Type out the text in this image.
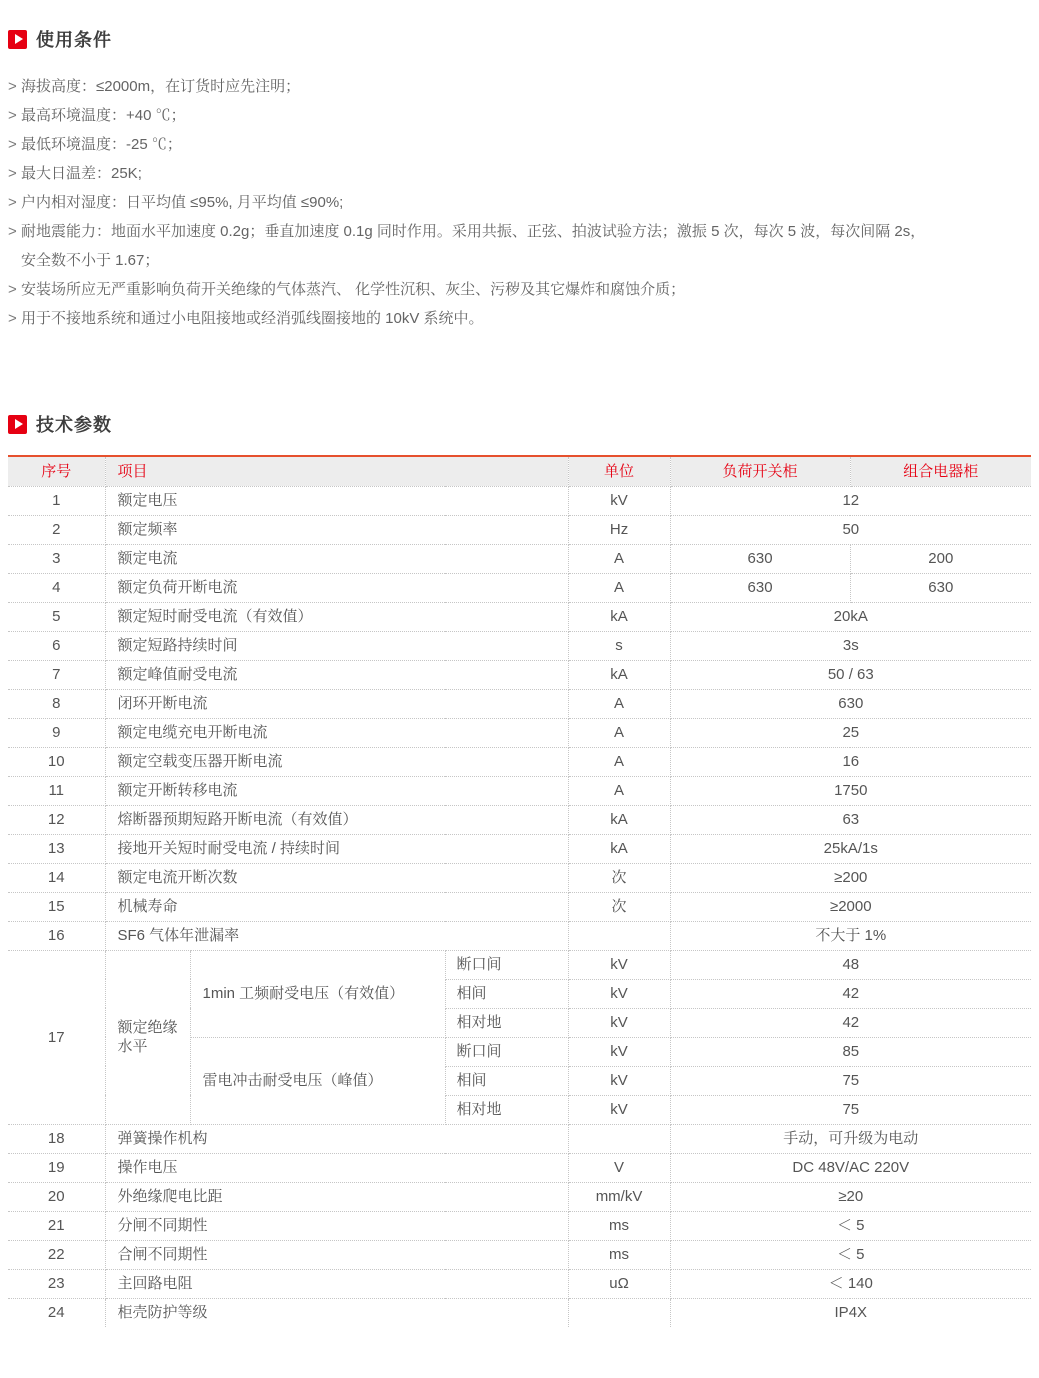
使用条件
> 海拔高度：≤2000m，在订货时应先注明；
> 最高环境温度：+40 ℃；
> 最低环境温度：-25 ℃；
> 最大日温差：25K;
> 户内相对湿度：日平均值 ≤95%, 月平均值 ≤90%;
> 耐地震能力：地面水平加速度 0.2g；垂直加速度 0.1g 同时作用。采用共振、正弦、拍波试验方法；激振 5 次，每次 5 波，每次间隔 2s，
安全数不小于 1.67；
> 安装场所应无严重影响负荷开关绝缘的气体蒸汽、 化学性沉积、灰尘、污秽及其它爆炸和腐蚀介质；
> 用于不接地系统和通过小电阻接地或经消弧线圈接地的 10kV 系统中。
技术参数
序号	项目			单位	负荷开关柜	组合电器柜
1	额定电压			kV	12	
2	额定频率			Hz	50	
3	额定电流			A	630	200
4	额定负荷开断电流			A	630	630
5	额定短时耐受电流（有效值）			kA	20kA	
6	额定短路持续时间			s	3s	
7	额定峰值耐受电流			kA	50 / 63	
8	闭环开断电流			A	630	
9	额定电缆充电开断电流			A	25	
10	额定空载变压器开断电流			A	16	
11	额定开断转移电流			A	1750	
12	熔断器预期短路开断电流（有效值）			kA	63	
13	接地开关短时耐受电流 / 持续时间			kA	25kA/1s	
14	额定电流开断次数			次	≥200	
15	机械寿命			次	≥2000	
16	SF6 气体年泄漏率				不大于 1%	
17	额定绝缘水平	1min 工频耐受电压（有效值）	断口间	kV	48	
			相间	kV	42	
			相对地	kV	42	
		雷电冲击耐受电压（峰值）	断口间	kV	85	
			相间	kV	75	
			相对地	kV	75	
18	弹簧操作机构				手动，可升级为电动	
19	操作电压			V	DC 48V/AC 220V	
20	外绝缘爬电比距			mm/kV	≥20	
21	分闸不同期性			ms	＜ 5	
22	合闸不同期性			ms	＜ 5	
23	主回路电阻			uΩ	＜ 140	
24	柜壳防护等级				IP4X	
